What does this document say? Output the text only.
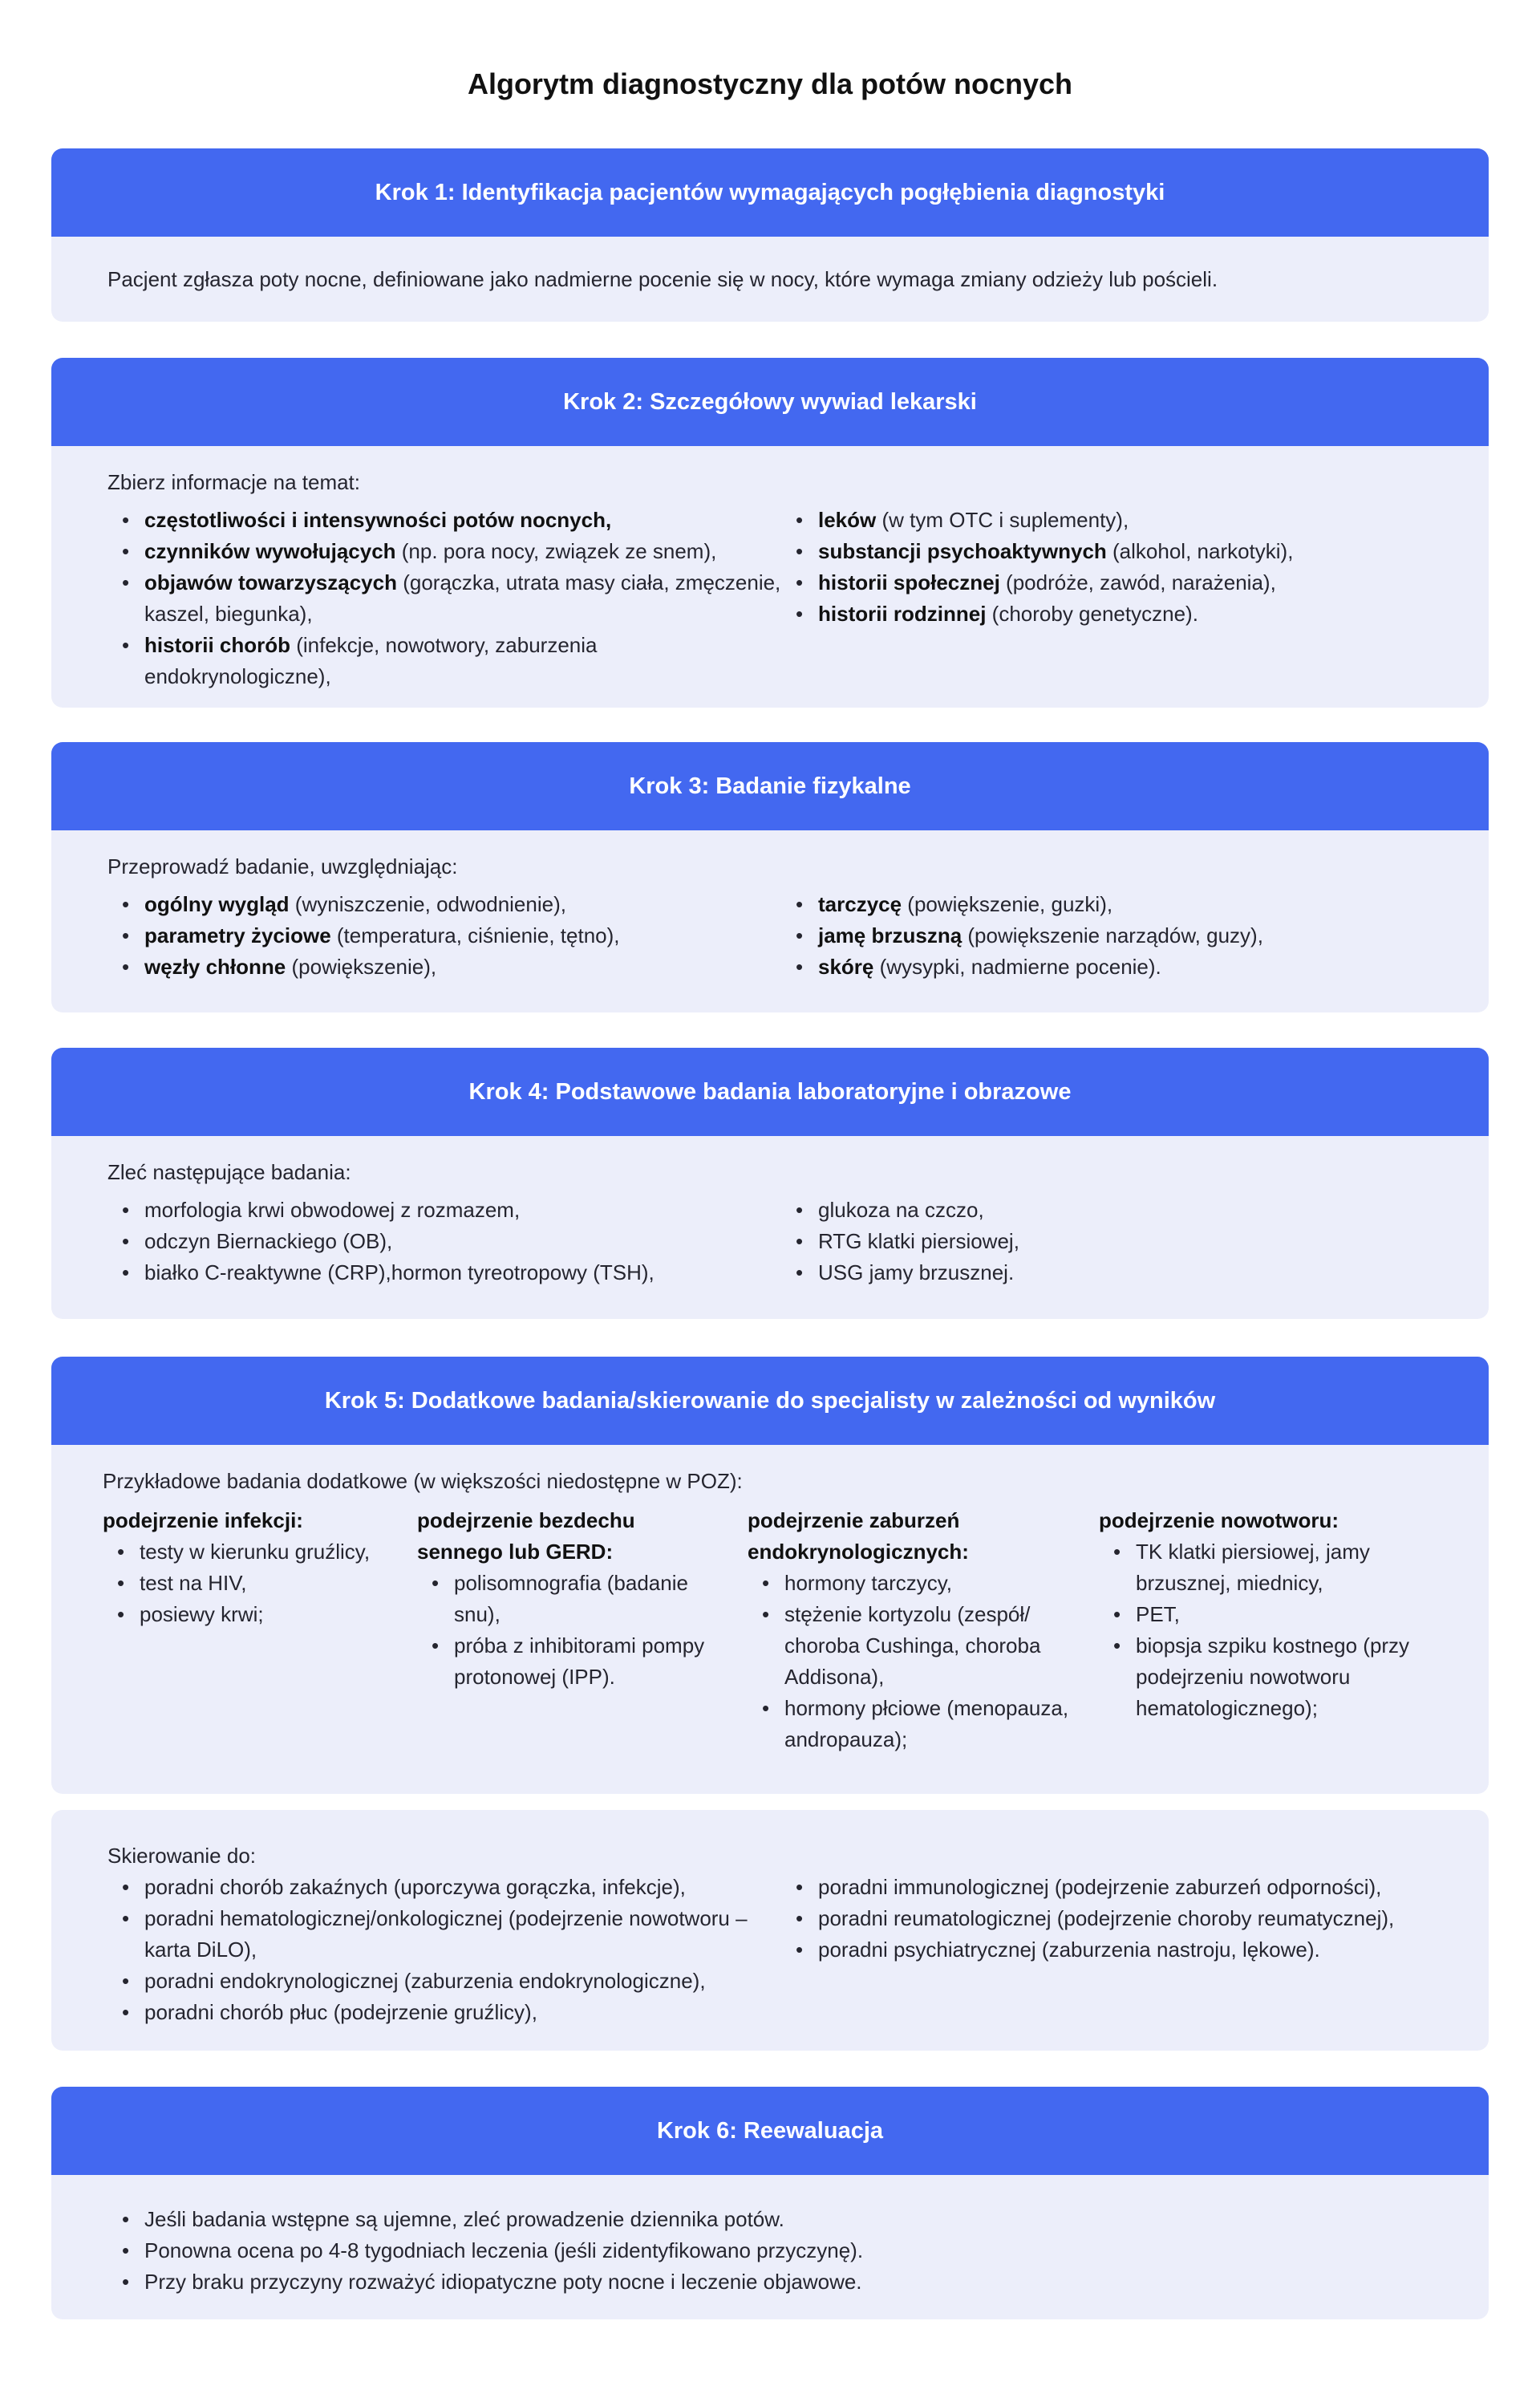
Algorytm diagnostyczny dla potów nocnych
Krok 1: Identyfikacja pacjentów wymagających pogłębienia diagnostyki
Pacjent zgłasza poty nocne, definiowane jako nadmierne pocenie się w nocy, które wymaga zmiany odzieży lub pościeli.
Krok 2: Szczegółowy wywiad lekarski
Zbierz informacje na temat:
• częstotliwości i intensywności potów nocnych,
• czynników wywołujących (np. pora nocy, związek ze snem),
• objawów towarzyszących (gorączka, utrata masy ciała, zmęczenie, kaszel, biegunka),
• historii chorób (infekcje, nowotwory, zaburzenia endokrynologiczne),
• leków (w tym OTC i suplementy),
• substancji psychoaktywnych (alkohol, narkotyki),
• historii społecznej (podróże, zawód, narażenia),
• historii rodzinnej (choroby genetyczne).
Krok 3: Badanie fizykalne
Przeprowadź badanie, uwzględniając:
• ogólny wygląd (wyniszczenie, odwodnienie),
• parametry życiowe (temperatura, ciśnienie, tętno),
• węzły chłonne (powiększenie),
• tarczycę (powiększenie, guzki),
• jamę brzuszną (powiększenie narządów, guzy),
• skórę (wysypki, nadmierne pocenie).
Krok 4: Podstawowe badania laboratoryjne i obrazowe
Zleć następujące badania:
• morfologia krwi obwodowej z rozmazem,
• odczyn Biernackiego (OB),
• białko C-reaktywne (CRP),hormon tyreotropowy (TSH),
• glukoza na czczo,
• RTG klatki piersiowej,
• USG jamy brzusznej.
Krok 5: Dodatkowe badania/skierowanie do specjalisty w zależności od wyników
Przykładowe badania dodatkowe (w większości niedostępne w POZ):
podejrzenie infekcji:
• testy w kierunku gruźlicy,
• test na HIV,
• posiewy krwi;
podejrzenie bezdechu sennego lub GERD:
• polisomnografia (badanie snu),
• próba z inhibitorami pompy protonowej (IPP).
podejrzenie zaburzeń endokrynologicznych:
• hormony tarczycy,
• stężenie kortyzolu (zespół/ choroba Cushinga, choroba Addisona),
• hormony płciowe (menopauza, andropauza);
podejrzenie nowotworu:
• TK klatki piersiowej, jamy brzusznej, miednicy,
• PET,
• biopsja szpiku kostnego (przy podejrzeniu nowotworu hematologicznego);
Skierowanie do:
• poradni chorób zakaźnych (uporczywa gorączka, infekcje),
• poradni hematologicznej/onkologicznej (podejrzenie nowotworu – karta DiLO),
• poradni endokrynologicznej (zaburzenia endokrynologiczne),
• poradni chorób płuc (podejrzenie gruźlicy),
• poradni immunologicznej (podejrzenie zaburzeń odporności),
• poradni reumatologicznej (podejrzenie choroby reumatycznej),
• poradni psychiatrycznej (zaburzenia nastroju, lękowe).
Krok 6: Reewaluacja
• Jeśli badania wstępne są ujemne, zleć prowadzenie dziennika potów.
• Ponowna ocena po 4-8 tygodniach leczenia (jeśli zidentyfikowano przyczynę).
• Przy braku przyczyny rozważyć idiopatyczne poty nocne i leczenie objawowe.
